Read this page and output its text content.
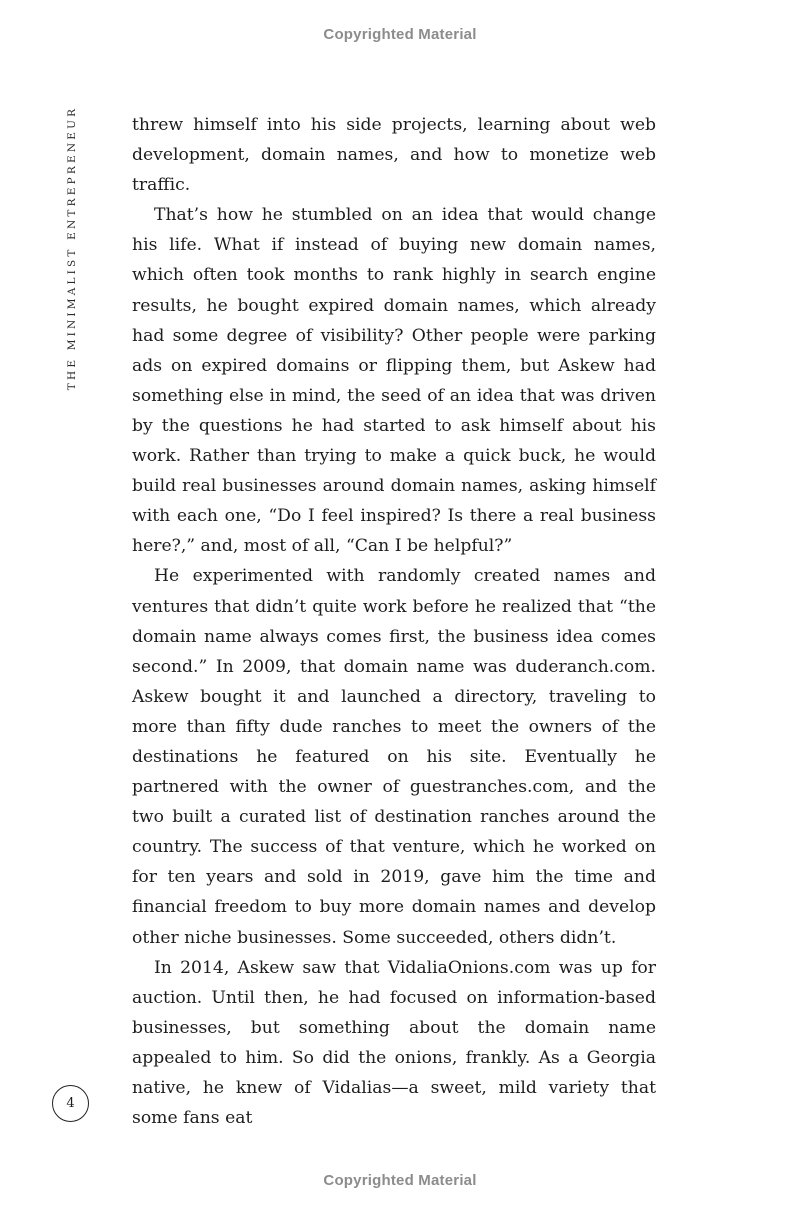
Copyrighted Material
THE MINIMALIST ENTREPRENEUR	threw himself into his side projects, learning about web development, domain names, and how to monetize web traffic.

That’s how he stumbled on an idea that would change his life. What if instead of buying new domain names, which often took months to rank highly in search engine results, he bought expired domain names, which already had some degree of visibility? Other people were parking ads on expired domains or flipping them, but Askew had something else in mind, the seed of an idea that was driven by the questions he had started to ask himself about his work. Rather than trying to make a quick buck, he would build real businesses around domain names, asking himself with each one, “Do I feel inspired? Is there a real business here?,” and, most of all, “Can I be helpful?”

He experimented with randomly created names and ventures that didn’t quite work before he realized that “the domain name always comes first, the business idea comes second.” In 2009, that domain name was duderanch.com. Askew bought it and launched a directory, traveling to more than fifty dude ranches to meet the owners of the destinations he featured on his site. Eventually he partnered with the owner of guestranches.com, and the two built a curated list of destination ranches around the country. The success of that venture, which he worked on for ten years and sold in 2019, gave him the time and financial freedom to buy more domain names and develop other niche businesses. Some succeeded, others didn’t.

In 2014, Askew saw that VidaliaOnions.com was up for auction. Until then, he had focused on information-based businesses, but something about the domain name appealed to him. So did the onions, frankly. As a Georgia native, he knew of Vidalias—a sweet, mild variety that some fans eat

4
Copyrighted Material
